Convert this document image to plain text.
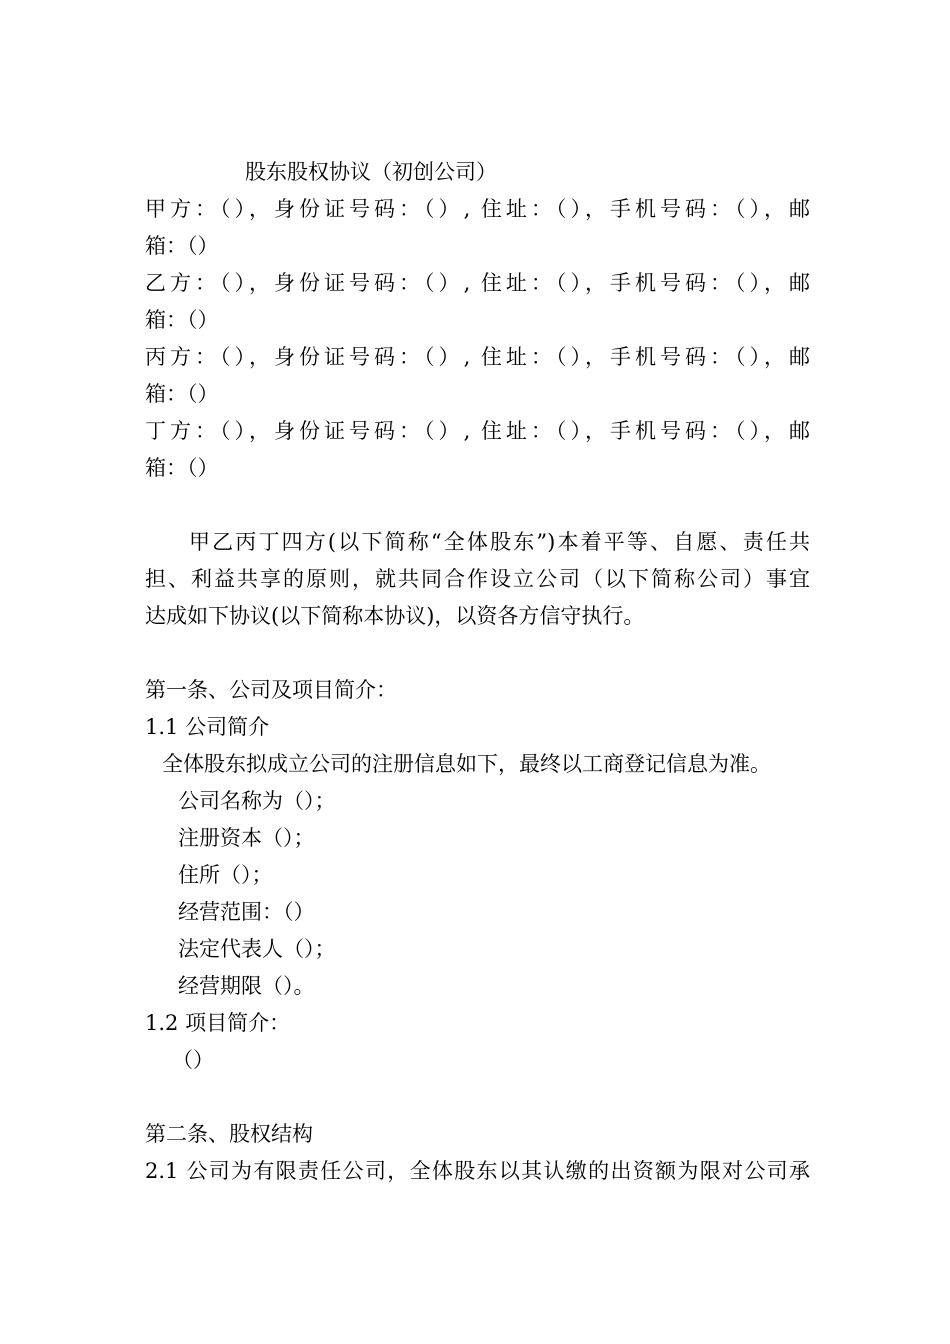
股东股权协议（初创公司）
甲方：（），身份证号码：（）, 住址：（），手机号码：（），邮
箱：（）
乙方：（），身份证号码：（）, 住址：（），手机号码：（），邮
箱：（）
丙方：（），身份证号码：（）, 住址：（），手机号码：（），邮
箱：（）
丁方：（），身份证号码：（）, 住址：（），手机号码：（），邮
箱：（）
甲乙丙丁四方(以下简称“全体股东”)本着平等、自愿、责任共
担、利益共享的原则，就共同合作设立公司（以下简称公司）事宜
达成如下协议(以下简称本协议)，以资各方信守执行。
第一条、公司及项目简介：
1.1 公司简介
全体股东拟成立公司的注册信息如下，最终以工商登记信息为准。
公司名称为（）；
注册资本（）；
住所（）；
经营范围：（）
法定代表人（）；
经营期限（）。
1.2 项目简介：
（）
第二条、股权结构
2.1 公司为有限责任公司，全体股东以其认缴的出资额为限对公司承
